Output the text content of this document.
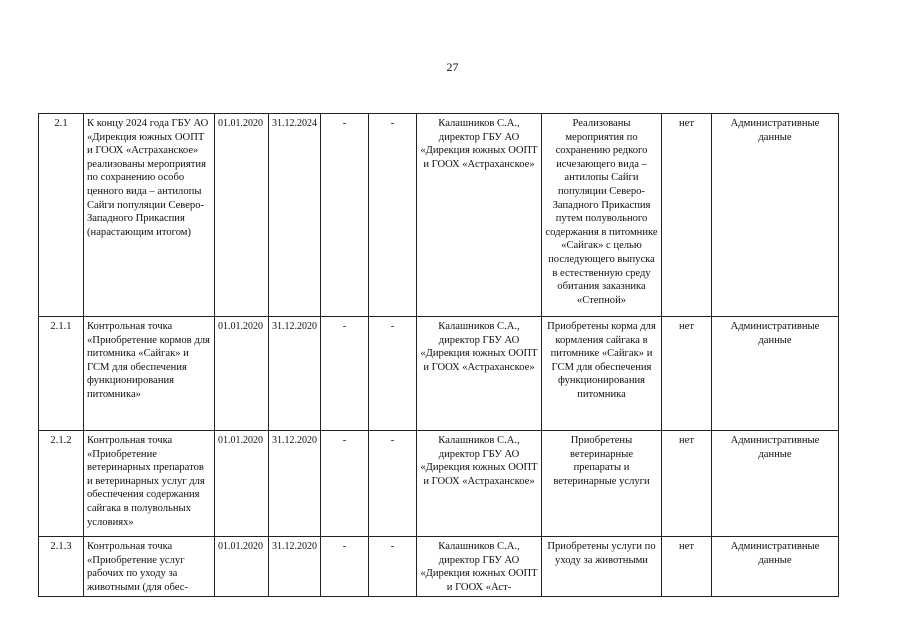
27
2.1	К концу 2024 года ГБУ АО «Дирекция южных ООПТ и ГООХ «Астраханское» реализованы мероприятия по сохранению особо ценного вида – антилопы Сайги популяции Северо-Западного Прикаспия (нарастающим итогом)	01.01.2020	31.12.2024	-	-	Калашников С.А., директор ГБУ АО «Дирекция южных ООПТ и ГООХ «Астраханское»	Реализованы мероприятия по сохранению редкого исчезающего вида – антилопы Сайги популяции Северо-Западного Прикаспия путем полувольного содержания в питомнике «Сайгак» с целью последующего выпуска в естественную среду обитания заказника «Степной»	нет	Административные данные
2.1.1	Контрольная точка «Приобретение кормов для питомника «Сайгак» и ГСМ для обеспечения функционирования питомника»	01.01.2020	31.12.2020	-	-	Калашников С.А., директор ГБУ АО «Дирекция южных ООПТ и ГООХ «Астраханское»	Приобретены корма для кормления сайгака в питомнике «Сайгак» и ГСМ для обеспечения функционирования питомника	нет	Административные данные
2.1.2	Контрольная точка «Приобретение ветеринарных препаратов и ветеринарных услуг для обеспечения содержания сайгака в полувольных условиях»	01.01.2020	31.12.2020	-	-	Калашников С.А., директор ГБУ АО «Дирекция южных ООПТ и ГООХ «Астраханское»	Приобретены ветеринарные препараты и ветеринарные услуги	нет	Административные данные
2.1.3	Контрольная точка «Приобретение услуг рабочих по уходу за животными (для обес-	01.01.2020	31.12.2020	-	-	Калашников С.А., директор ГБУ АО «Дирекция южных ООПТ и ГООХ «Аст-	Приобретены услуги по уходу за животными	нет	Административные данные
